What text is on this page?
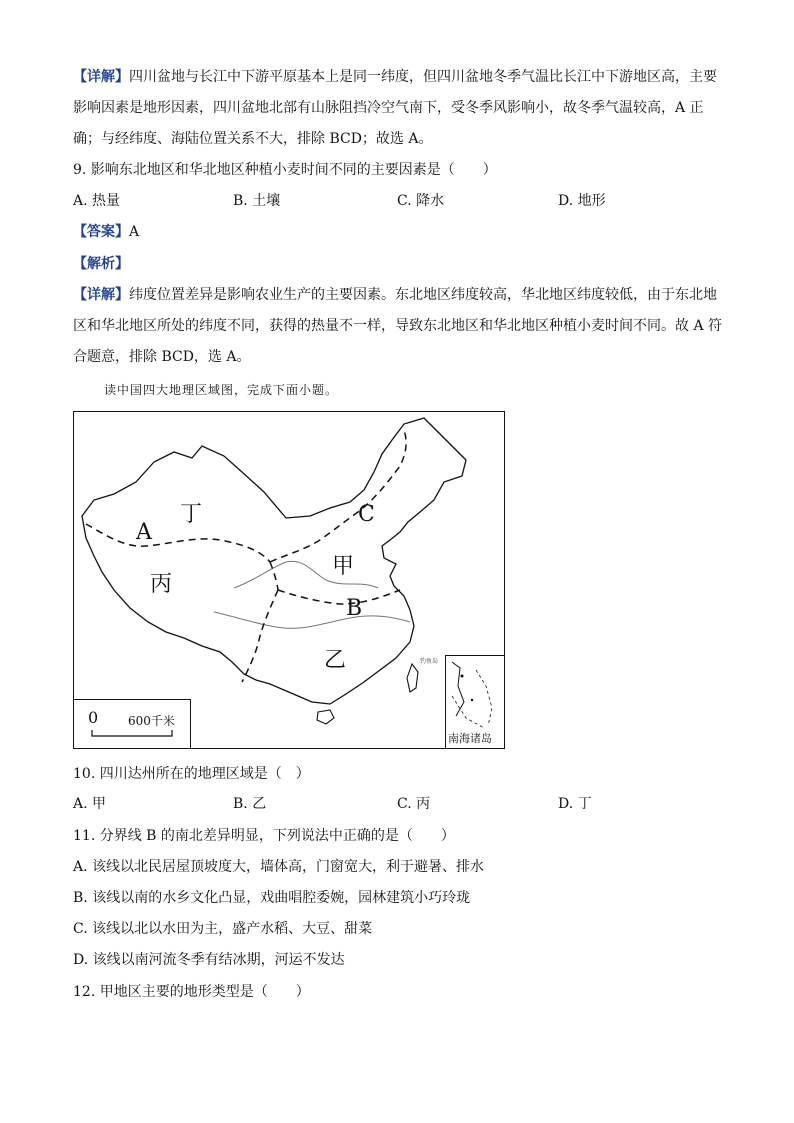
【详解】四川盆地与长江中下游平原基本上是同一纬度，但四川盆地冬季气温比长江中下游地区高，主要
影响因素是地形因素，四川盆地北部有山脉阻挡冷空气南下，受冬季风影响小，故冬季气温较高，A 正
确；与经纬度、海陆位置关系不大，排除 BCD；故选 A。
9. 影响东北地区和华北地区种植小麦时间不同的主要因素是（　　）
A. 热量	B. 土壤	C. 降水	D. 地形
【答案】A
【解析】
【详解】纬度位置差异是影响农业生产的主要因素。东北地区纬度较高，华北地区纬度较低，由于东北地
区和华北地区所处的纬度不同，获得的热量不一样，导致东北地区和华北地区种植小麦时间不同。故 A 符
合题意，排除 BCD，选 A。
读中国四大地理区域图，完成下面小题。
A
丁	C
丙
甲
B
乙	钓鱼岛
0 600千米
南海诸岛
10. 四川达州所在的地理区域是（　）
A. 甲	B. 乙	C. 丙	D. 丁
11. 分界线 B 的南北差异明显，下列说法中正确的是（　　）
A. 该线以北民居屋顶坡度大，墙体高，门窗宽大，利于避暑、排水
B. 该线以南的水乡文化凸显，戏曲唱腔委婉，园林建筑小巧玲珑
C. 该线以北以水田为主，盛产水稻、大豆、甜菜
D. 该线以南河流冬季有结冰期，河运不发达
12. 甲地区主要的地形类型是（　　）
